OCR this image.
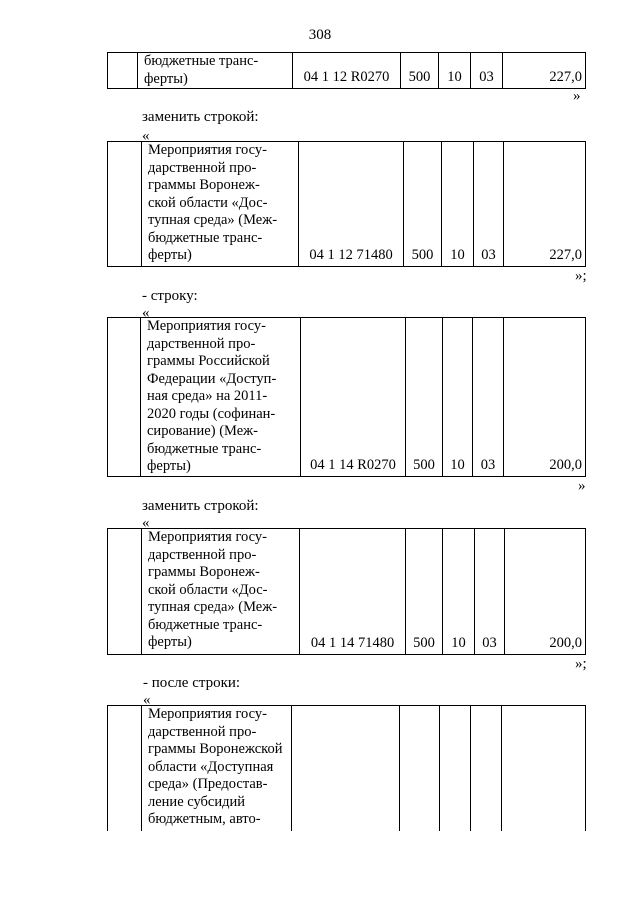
308
	бюджетные транс-
ферты)	04 1 12 R0270	500	10	03	227,0
»
заменить строкой:
«
	Мероприятия госу-
дарственной про-
граммы Воронеж-
ской области «Дос-
тупная среда» (Меж-
бюджетные транс-
ферты)	04 1 12 71480	500	10	03	227,0
»;
- строку:
«
	Мероприятия госу-
дарственной про-
граммы Российской
Федерации «Доступ-
ная среда» на 2011-
2020 годы (софинан-
сирование) (Меж-
бюджетные транс-
ферты)	04 1 14 R0270	500	10	03	200,0
»
заменить строкой:
«
	Мероприятия госу-
дарственной про-
граммы Воронеж-
ской области «Дос-
тупная среда» (Меж-
бюджетные транс-
ферты)	04 1 14 71480	500	10	03	200,0
»;
- после строки:
«
	Мероприятия госу-
дарственной про-
граммы Воронежской
области «Доступная
среда» (Предостав-
ление субсидий
бюджетным, авто-					
